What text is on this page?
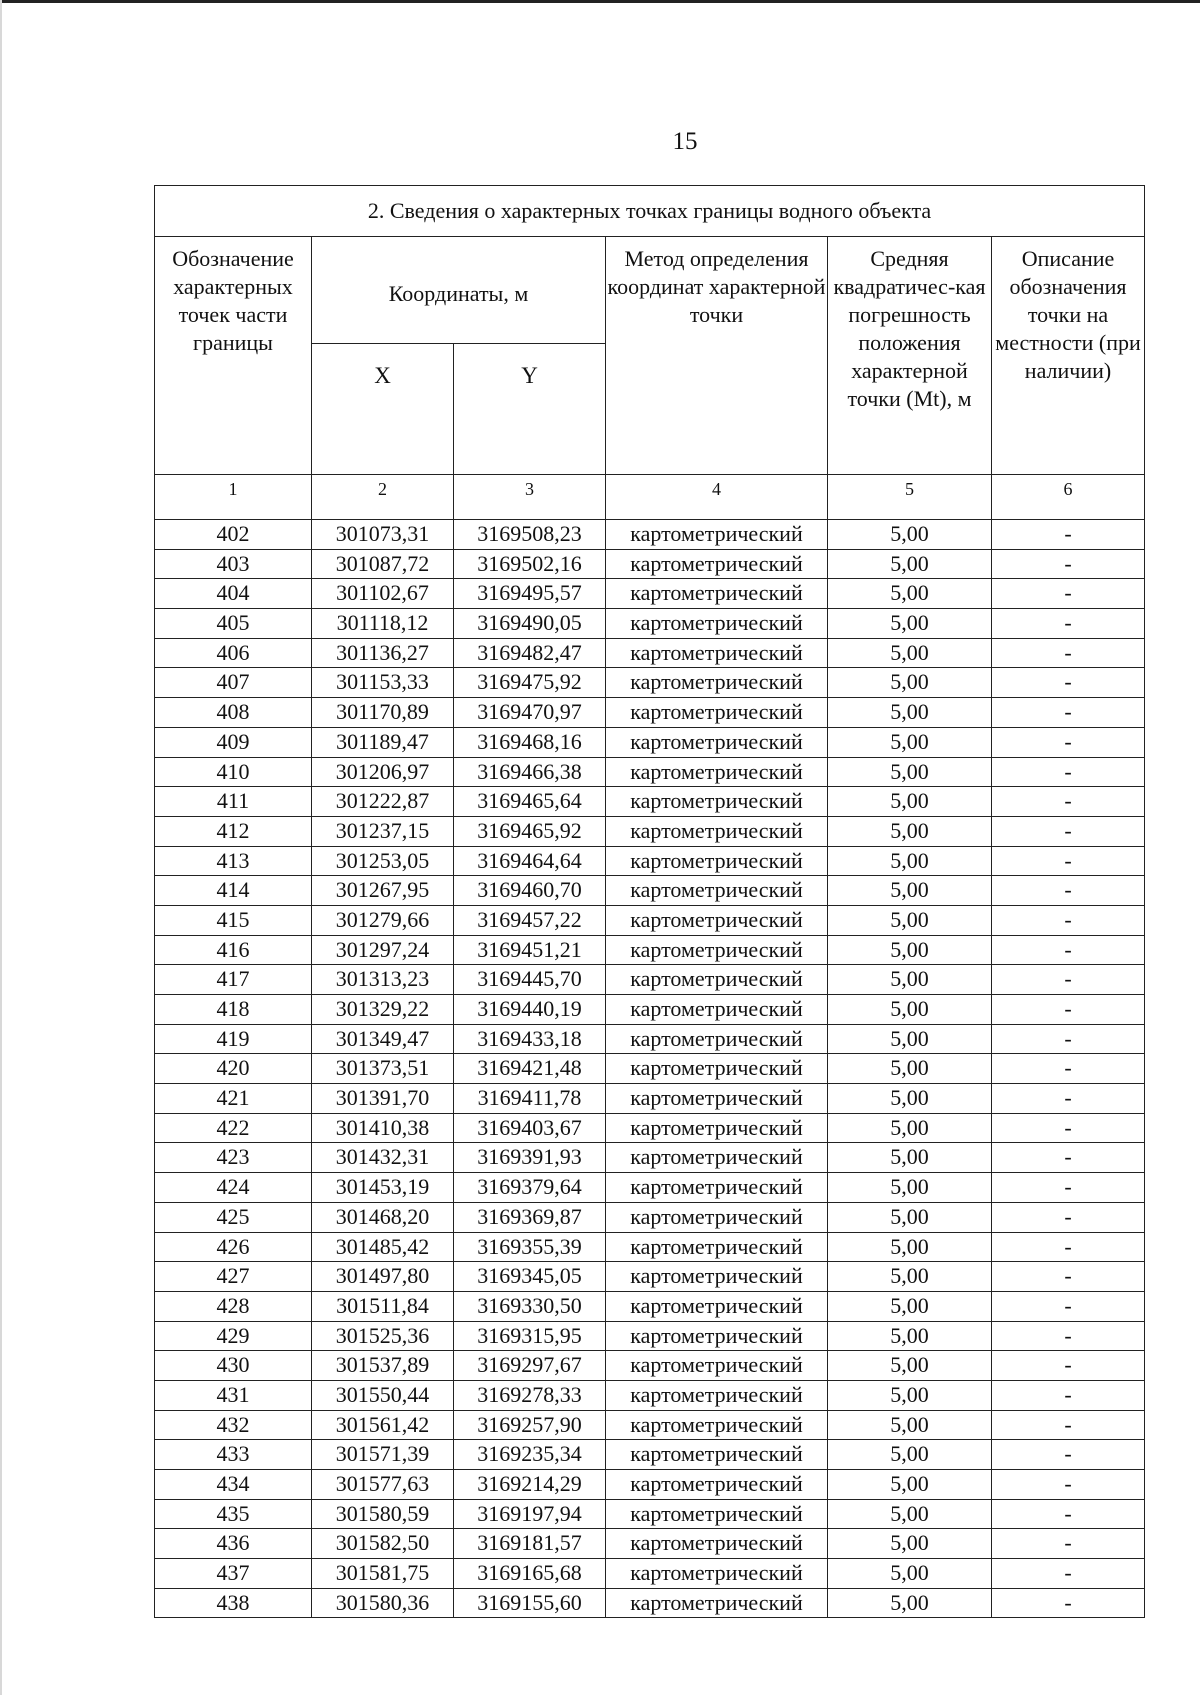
15
2. Сведения о характерных точках границы водного объекта					
Обозначение характерных точек части границы	Координаты, м		Метод определения координат характерной точки	Средняя квадратичес-кая погрешность положения характерной точки (Mt), м	Описание обозначения точки на местности (при наличии)
	X	Y			
1	2	3	4	5	6
402	301073,31	3169508,23	картометрический	5,00	-
403	301087,72	3169502,16	картометрический	5,00	-
404	301102,67	3169495,57	картометрический	5,00	-
405	301118,12	3169490,05	картометрический	5,00	-
406	301136,27	3169482,47	картометрический	5,00	-
407	301153,33	3169475,92	картометрический	5,00	-
408	301170,89	3169470,97	картометрический	5,00	-
409	301189,47	3169468,16	картометрический	5,00	-
410	301206,97	3169466,38	картометрический	5,00	-
411	301222,87	3169465,64	картометрический	5,00	-
412	301237,15	3169465,92	картометрический	5,00	-
413	301253,05	3169464,64	картометрический	5,00	-
414	301267,95	3169460,70	картометрический	5,00	-
415	301279,66	3169457,22	картометрический	5,00	-
416	301297,24	3169451,21	картометрический	5,00	-
417	301313,23	3169445,70	картометрический	5,00	-
418	301329,22	3169440,19	картометрический	5,00	-
419	301349,47	3169433,18	картометрический	5,00	-
420	301373,51	3169421,48	картометрический	5,00	-
421	301391,70	3169411,78	картометрический	5,00	-
422	301410,38	3169403,67	картометрический	5,00	-
423	301432,31	3169391,93	картометрический	5,00	-
424	301453,19	3169379,64	картометрический	5,00	-
425	301468,20	3169369,87	картометрический	5,00	-
426	301485,42	3169355,39	картометрический	5,00	-
427	301497,80	3169345,05	картометрический	5,00	-
428	301511,84	3169330,50	картометрический	5,00	-
429	301525,36	3169315,95	картометрический	5,00	-
430	301537,89	3169297,67	картометрический	5,00	-
431	301550,44	3169278,33	картометрический	5,00	-
432	301561,42	3169257,90	картометрический	5,00	-
433	301571,39	3169235,34	картометрический	5,00	-
434	301577,63	3169214,29	картометрический	5,00	-
435	301580,59	3169197,94	картометрический	5,00	-
436	301582,50	3169181,57	картометрический	5,00	-
437	301581,75	3169165,68	картометрический	5,00	-
438	301580,36	3169155,60	картометрический	5,00	-
